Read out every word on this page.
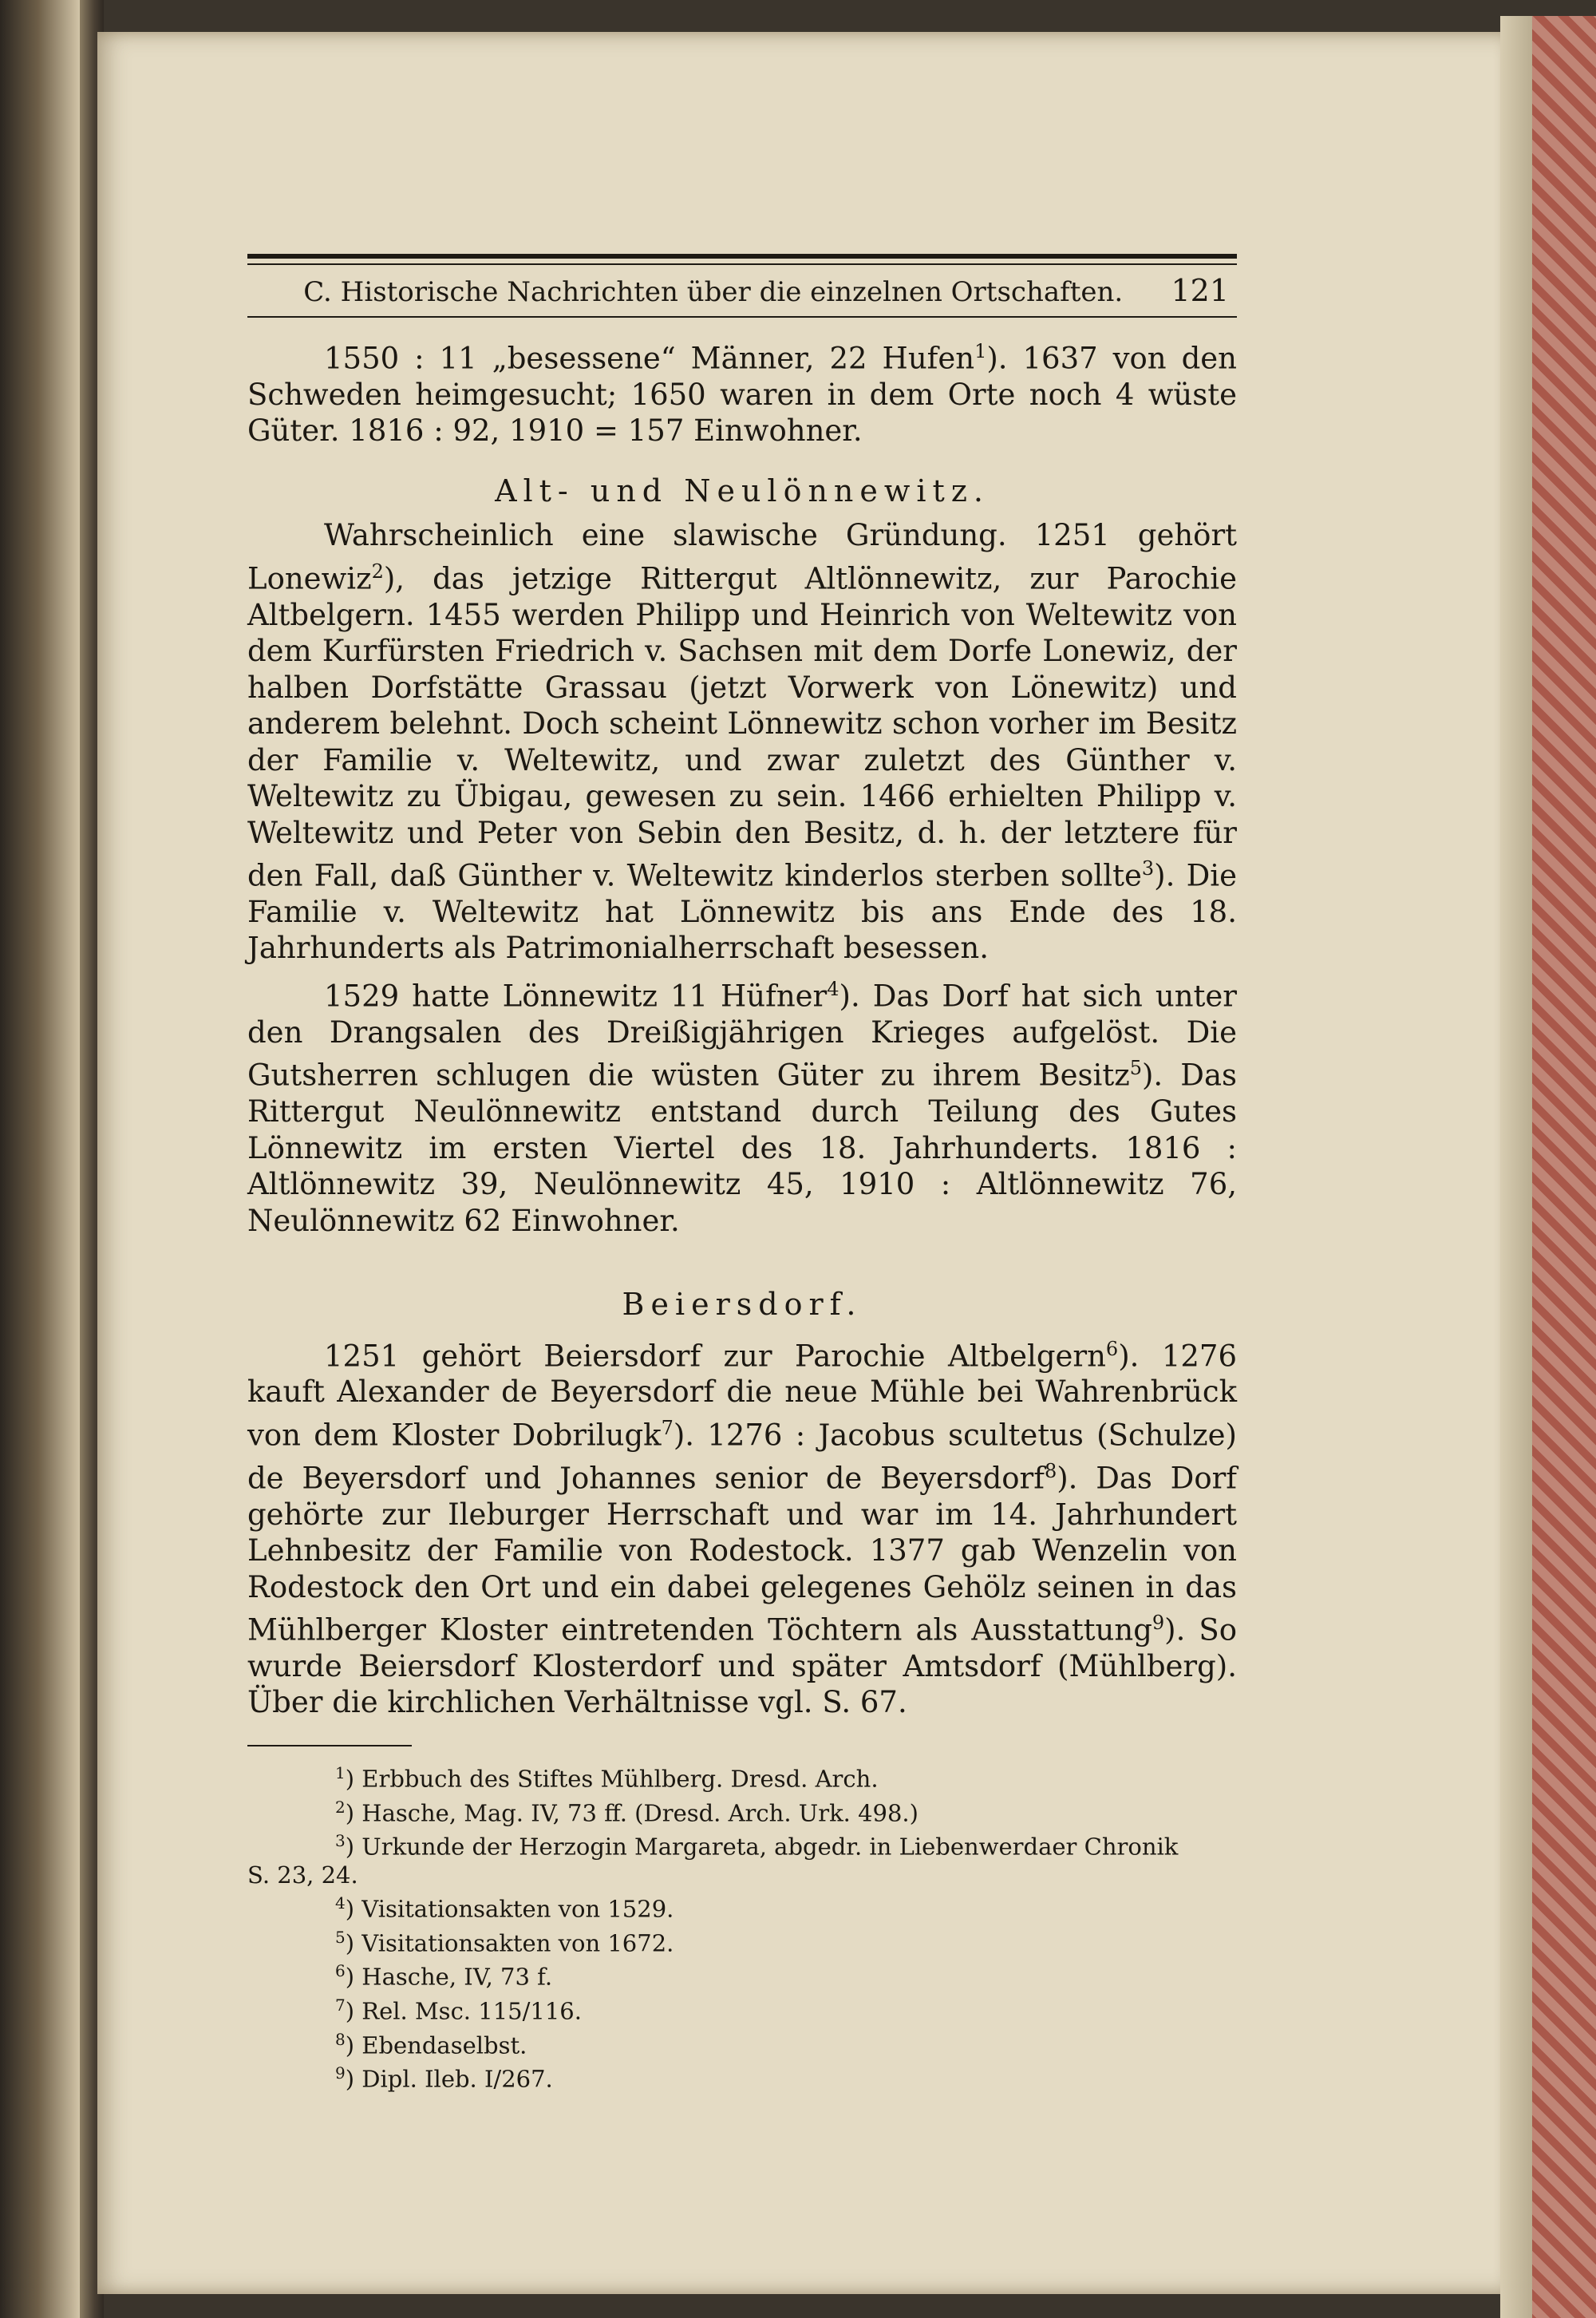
C. Historische Nachrichten über die einzelnen Ortschaften.	121

1550 : 11 „besessene“ Männer, 22 Hufen$^1$). 1637 von den Schweden heimgesucht; 1650 waren in dem Orte noch 4 wüste Güter. 1816 : 92, 1910 = 157 Einwohner.

Alt- und Neulönnewitz.

Wahrscheinlich eine slawische Gründung. 1251 gehört Lonewiz$^2$), das jetzige Rittergut Altlönnewitz, zur Parochie Altbelgern. 1455 werden Philipp und Heinrich von Weltewitz von dem Kurfürsten Friedrich v. Sachsen mit dem Dorfe Lonewiz, der halben Dorfstätte Grassau (jetzt Vorwerk von Lönewitz) und anderem belehnt. Doch scheint Lönnewitz schon vorher im Besitz der Familie v. Weltewitz, und zwar zuletzt des Günther v. Weltewitz zu Übigau, gewesen zu sein. 1466 erhielten Philipp v. Weltewitz und Peter von Sebin den Besitz, d. h. der letztere für den Fall, daß Günther v. Weltewitz kinderlos sterben sollte$^3$). Die Familie v. Weltewitz hat Lönnewitz bis ans Ende des 18. Jahrhunderts als Patrimonialherrschaft besessen.

1529 hatte Lönnewitz 11 Hüfner$^4$). Das Dorf hat sich unter den Drangsalen des Dreißigjährigen Krieges aufgelöst. Die Gutsherren schlugen die wüsten Güter zu ihrem Besitz$^5$). Das Rittergut Neulönnewitz entstand durch Teilung des Gutes Lönnewitz im ersten Viertel des 18. Jahrhunderts. 1816 : Altlönnewitz 39, Neulönnewitz 45, 1910 : Altlönnewitz 76, Neulönnewitz 62 Einwohner.

Beiersdorf.

1251 gehört Beiersdorf zur Parochie Altbelgern$^6$). 1276 kauft Alexander de Beyersdorf die neue Mühle bei Wahrenbrück von dem Kloster Dobrilugk$^7$). 1276 : Jacobus scultetus (Schulze) de Beyersdorf und Johannes senior de Beyersdorf$^8$). Das Dorf gehörte zur Ileburger Herrschaft und war im 14. Jahrhundert Lehnbesitz der Familie von Rodestock. 1377 gab Wenzelin von Rodestock den Ort und ein dabei gelegenes Gehölz seinen in das Mühlberger Kloster eintretenden Töchtern als Ausstattung$^9$). So wurde Beiersdorf Klosterdorf und später Amtsdorf (Mühlberg). Über die kirchlichen Verhältnisse vgl. S. 67.

$^1$) Erbbuch des Stiftes Mühlberg. Dresd. Arch.
$^2$) Hasche, Mag. IV, 73 ff. (Dresd. Arch. Urk. 498.)
$^3$) Urkunde der Herzogin Margareta, abgedr. in Liebenwerdaer Chronik
S. 23, 24.
$^4$) Visitationsakten von 1529.
$^5$) Visitationsakten von 1672.
$^6$) Hasche, IV, 73 f.
$^7$) Rel. Msc. 115/116.
$^8$) Ebendaselbst.
$^9$) Dipl. Ileb. I/267.
